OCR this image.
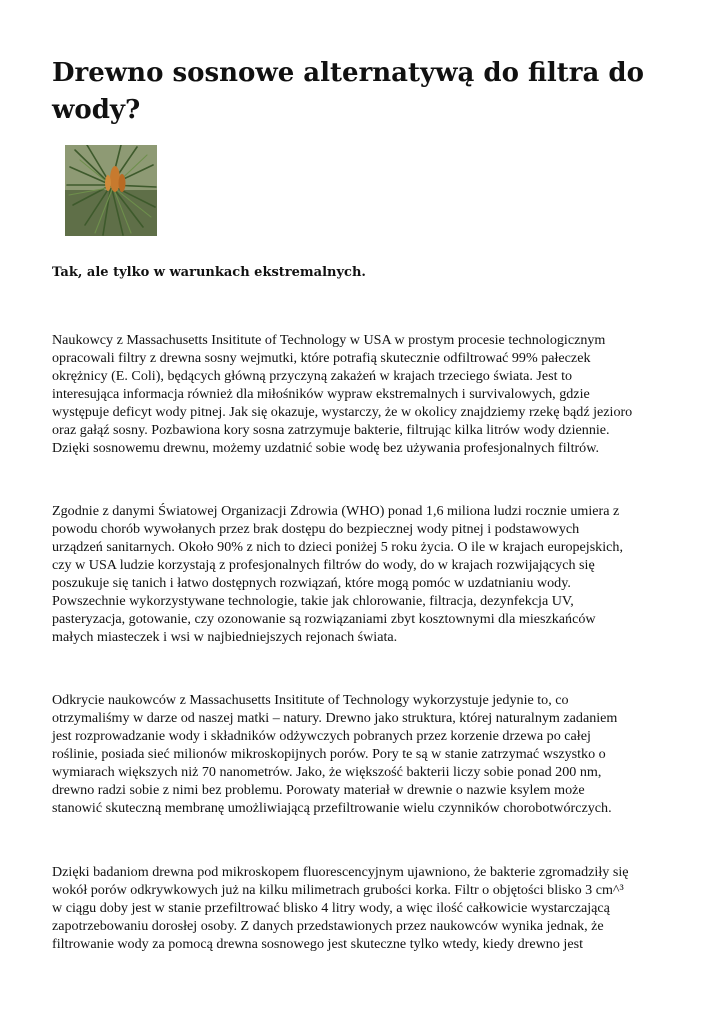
Drewno sosnowe alternatywą do filtra do
wody?

Tak, ale tylko w warunkach ekstremalnych.

Naukowcy z Massachusetts Insititute of Technology w USA w prostym procesie technologicznym
opracowali filtry z drewna sosny wejmutki, które potrafią skutecznie odfiltrować 99% pałeczek
okrężnicy (E. Coli), będących główną przyczyną zakażeń w krajach trzeciego świata. Jest to
interesująca informacja również dla miłośników wypraw ekstremalnych i survivalowych, gdzie
występuje deficyt wody pitnej. Jak się okazuje, wystarczy, że w okolicy znajdziemy rzekę bądź jezioro
oraz gałąź sosny. Pozbawiona kory sosna zatrzymuje bakterie, filtrując kilka litrów wody dziennie.
Dzięki sosnowemu drewnu, możemy uzdatnić sobie wodę bez używania profesjonalnych filtrów.

Zgodnie z danymi Światowej Organizacji Zdrowia (WHO) ponad 1,6 miliona ludzi rocznie umiera z
powodu chorób wywołanych przez brak dostępu do bezpiecznej wody pitnej i podstawowych
urządzeń sanitarnych. Około 90% z nich to dzieci poniżej 5 roku życia. O ile w krajach europejskich,
czy w USA ludzie korzystają z profesjonalnych filtrów do wody, do w krajach rozwijających się
poszukuje się tanich i łatwo dostępnych rozwiązań, które mogą pomóc w uzdatnianiu wody.
Powszechnie wykorzystywane technologie, takie jak chlorowanie, filtracja, dezynfekcja UV,
pasteryzacja, gotowanie, czy ozonowanie są rozwiązaniami zbyt kosztownymi dla mieszkańców
małych miasteczek i wsi w najbiedniejszych rejonach świata.

Odkrycie naukowców z Massachusetts Insititute of Technology wykorzystuje jedynie to, co
otrzymaliśmy w darze od naszej matki – natury. Drewno jako struktura, której naturalnym zadaniem
jest rozprowadzanie wody i składników odżywczych pobranych przez korzenie drzewa po całej
roślinie, posiada sieć milionów mikroskopijnych porów. Pory te są w stanie zatrzymać wszystko o
wymiarach większych niż 70 nanometrów. Jako, że większość bakterii liczy sobie ponad 200 nm,
drewno radzi sobie z nimi bez problemu. Porowaty materiał w drewnie o nazwie ksylem może
stanowić skuteczną membranę umożliwiającą przefiltrowanie wielu czynników chorobotwórczych.

Dzięki badaniom drewna pod mikroskopem fluorescencyjnym ujawniono, że bakterie zgromadziły się
wokół porów odkrywkowych już na kilku milimetrach grubości korka. Filtr o objętości blisko 3 cm^³
w ciągu doby jest w stanie przefiltrować blisko 4 litry wody, a więc ilość całkowicie wystarczającą
zapotrzebowaniu dorosłej osoby. Z danych przedstawionych przez naukowców wynika jednak, że
filtrowanie wody za pomocą drewna sosnowego jest skuteczne tylko wtedy, kiedy drewno jest
